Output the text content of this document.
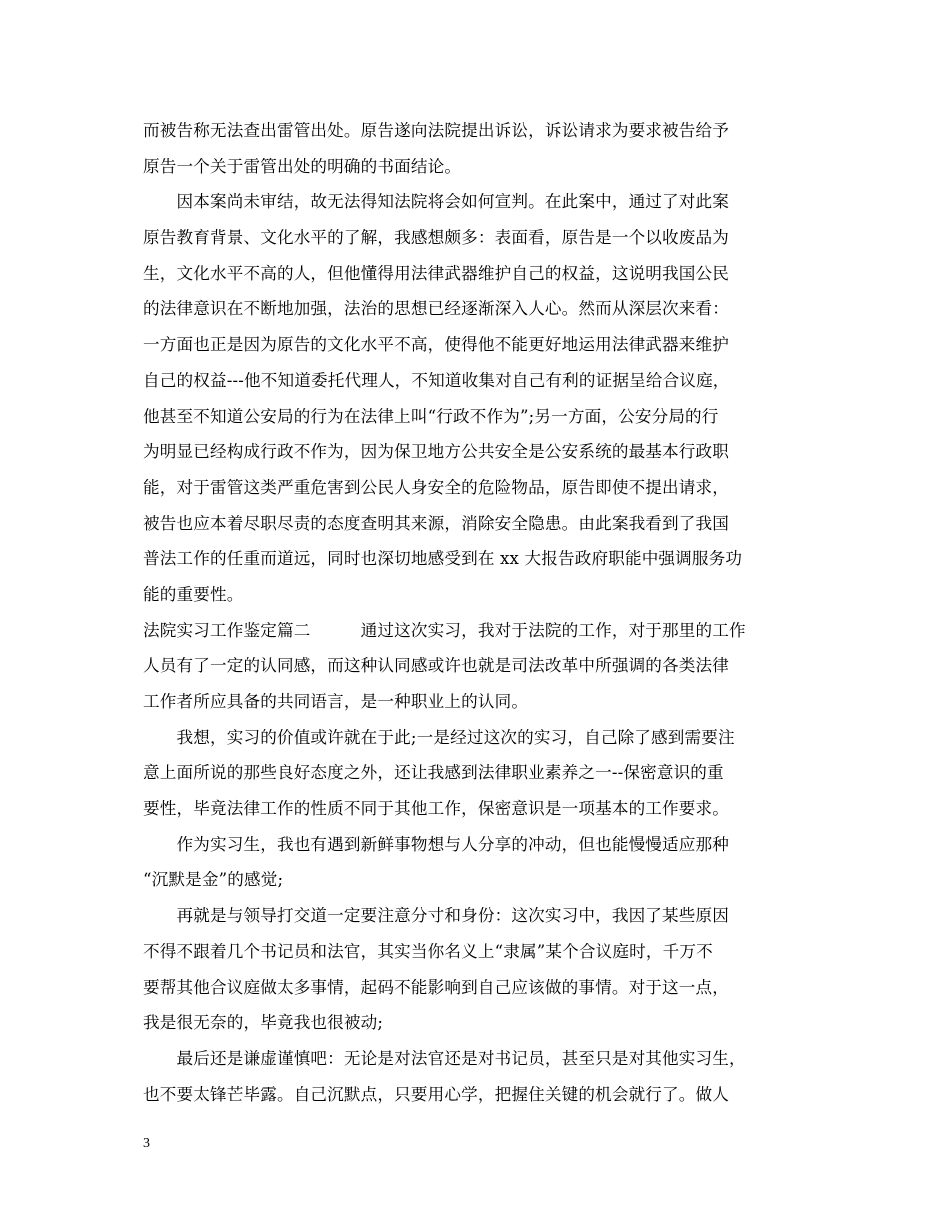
而被告称无法查出雷管出处。原告遂向法院提出诉讼，诉讼请求为要求被告给予
原告一个关于雷管出处的明确的书面结论。
　　因本案尚未审结，故无法得知法院将会如何宣判。在此案中，通过了对此案
原告教育背景、文化水平的了解，我感想颇多：表面看，原告是一个以收废品为
生，文化水平不高的人，但他懂得用法律武器维护自己的权益，这说明我国公民
的法律意识在不断地加强，法治的思想已经逐渐深入人心。然而从深层次来看：
一方面也正是因为原告的文化水平不高，使得他不能更好地运用法律武器来维护
自己的权益---他不知道委托代理人，不知道收集对自己有利的证据呈给合议庭，
他甚至不知道公安局的行为在法律上叫“行政不作为”;另一方面，公安分局的行
为明显已经构成行政不作为，因为保卫地方公共安全是公安系统的最基本行政职
能，对于雷管这类严重危害到公民人身安全的危险物品，原告即使不提出请求，
被告也应本着尽职尽责的态度查明其来源，消除安全隐患。由此案我看到了我国
普法工作的任重而道远，同时也深切地感受到在 xx 大报告政府职能中强调服务功
能的重要性。
法院实习工作鉴定篇二　　　通过这次实习，我对于法院的工作，对于那里的工作
人员有了一定的认同感，而这种认同感或许也就是司法改革中所强调的各类法律
工作者所应具备的共同语言，是一种职业上的认同。
　　我想，实习的价值或许就在于此;一是经过这次的实习，自己除了感到需要注
意上面所说的那些良好态度之外，还让我感到法律职业素养之一--保密意识的重
要性，毕竟法律工作的性质不同于其他工作，保密意识是一项基本的工作要求。
　　作为实习生，我也有遇到新鲜事物想与人分享的冲动，但也能慢慢适应那种
“沉默是金”的感觉;
　　再就是与领导打交道一定要注意分寸和身份：这次实习中，我因了某些原因
不得不跟着几个书记员和法官，其实当你名义上“隶属”某个合议庭时，千万不
要帮其他合议庭做太多事情，起码不能影响到自己应该做的事情。对于这一点，
我是很无奈的，毕竟我也很被动;
　　最后还是谦虚谨慎吧：无论是对法官还是对书记员，甚至只是对其他实习生，
也不要太锋芒毕露。自己沉默点，只要用心学，把握住关键的机会就行了。做人
3
